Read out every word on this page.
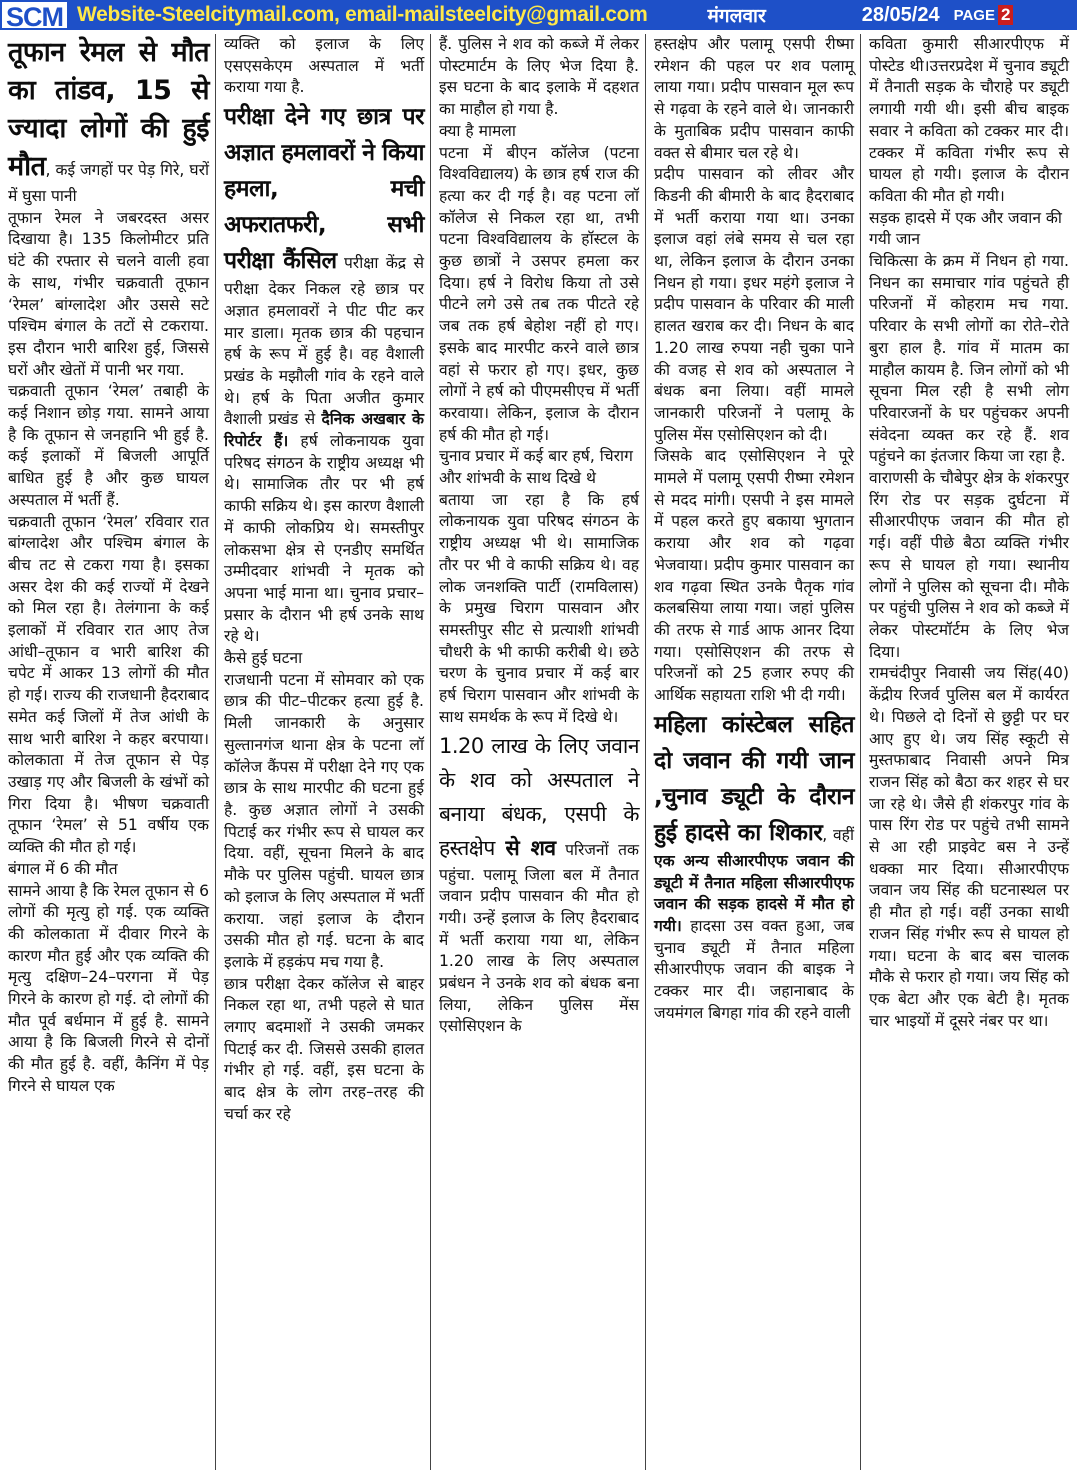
SCM Website-Steelcitymail.com, email-mailsteelcity@gmail.com	मंगलवार	28/05/24 PAGE 2

तूफान रेमल से मौत का तांडव, 15 से ज्यादा लोगों की हुई मौत, कई जगहों पर पेड़ गिरे, घरों में घुसा पानी

तूफान रेमल ने जबरदस्त असर दिखाया है। 135 किलोमीटर प्रति घंटे की रफ्तार से चलने वाली हवा के साथ, गंभीर चक्रवाती तूफान ‘रेमल’ बांग्लादेश और उससे सटे पश्चिम बंगाल के तटों से टकराया. इस दौरान भारी बारिश हुई, जिससे घरों और खेतों में पानी भर गया.

चक्रवाती तूफान ‘रेमल’ तबाही के कई निशान छोड़ गया. सामने आया है कि तूफान से जनहानि भी हुई है. कई इलाकों में बिजली आपूर्ति बाधित हुई है और कुछ घायल अस्पताल में भर्ती हैं.

चक्रवाती तूफान ‘रेमल’ रविवार रात बांग्लादेश और पश्चिम बंगाल के बीच तट से टकरा गया है। इसका असर देश की कई राज्यों में देखने को मिल रहा है। तेलंगाना के कई इलाकों में रविवार रात आए तेज आंधी–तूफान व भारी बारिश की चपेट में आकर 13 लोगों की मौत हो गई। राज्य की राजधानी हैदराबाद समेत कई जिलों में तेज आंधी के साथ भारी बारिश ने कहर बरपाया। कोलकाता में तेज तूफान से पेड़ उखाड़ गए और बिजली के खंभों को गिरा दिया है। भीषण चक्रवाती तूफान ‘रेमल’ से 51 वर्षीय एक व्यक्ति की मौत हो गई।

बंगाल में 6 की मौत

सामने आया है कि रेमल तूफान से 6 लोगों की मृत्यु हो गई. एक व्यक्ति की कोलकाता में दीवार गिरने के कारण मौत हुई और एक व्यक्ति की मृत्यु दक्षिण–24–परगना में पेड़ गिरने के कारण हो गई. दो लोगों की मौत पूर्व बर्धमान में हुई है. सामने आया है कि बिजली गिरने से दोनों की मौत हुई है. वहीं, कैनिंग में पेड़ गिरने से घायल एक

व्यक्ति को इलाज के लिए एसएसकेएम अस्पताल में भर्ती कराया गया है.

परीक्षा देने गए छात्र पर अज्ञात हमलावरों ने किया हमला, मची अफरातफरी, सभी परीक्षा कैंसिल परीक्षा केंद्र से परीक्षा देकर निकल रहे छात्र पर अज्ञात हमलावरों ने पीट पीट कर मार डाला। मृतक छात्र की पहचान हर्ष के रूप में हुई है। वह वैशाली प्रखंड के मझौली गांव के रहने वाले थे। हर्ष के पिता अजीत कुमार वैशाली प्रखंड से दैनिक अखबार के रिपोर्टर हैं। हर्ष लोकनायक युवा परिषद संगठन के राष्ट्रीय अध्यक्ष भी थे। सामाजिक तौर पर भी हर्ष काफी सक्रिय थे। इस कारण वैशाली में काफी लोकप्रिय थे। समस्तीपुर लोकसभा क्षेत्र से एनडीए समर्थित उम्मीदवार शांभवी ने मृतक को अपना भाई माना था। चुनाव प्रचार–प्रसार के दौरान भी हर्ष उनके साथ रहे थे।

कैसे हुई घटना

राजधानी पटना में सोमवार को एक छात्र की पीट–पीटकर हत्या हुई है. मिली जानकारी के अनुसार सुल्तानगंज थाना क्षेत्र के पटना लॉ कॉलेज कैंपस में परीक्षा देने गए एक छात्र के साथ मारपीट की घटना हुई है. कुछ अज्ञात लोगों ने उसकी पिटाई कर गंभीर रूप से घायल कर दिया. वहीं, सूचना मिलने के बाद मौके पर पुलिस पहुंची. घायल छात्र को इलाज के लिए अस्पताल में भर्ती कराया. जहां इलाज के दौरान उसकी मौत हो गई. घटना के बाद इलाके में हड़कंप मच गया है.

छात्र परीक्षा देकर कॉलेज से बाहर निकल रहा था, तभी पहले से घात लगाए बदमाशों ने उसकी जमकर पिटाई कर दी. जिससे उसकी हालत गंभीर हो गई. वहीं, इस घटना के बाद क्षेत्र के लोग तरह–तरह की चर्चा कर रहे

हैं. पुलिस ने शव को कब्जे में लेकर पोस्टमार्टम के लिए भेज दिया है. इस घटना के बाद इलाके में दहशत का माहौल हो गया है.

क्या है मामला

पटना में बीएन कॉलेज (पटना विश्वविद्यालय) के छात्र हर्ष राज की हत्या कर दी गई है। वह पटना लॉ कॉलेज से निकल रहा था, तभी पटना विश्वविद्यालय के हॉस्टल के कुछ छात्रों ने उसपर हमला कर दिया। हर्ष ने विरोध किया तो उसे पीटने लगे उसे तब तक पीटते रहे जब तक हर्ष बेहोश नहीं हो गए। इसके बाद मारपीट करने वाले छात्र वहां से फरार हो गए। इधर, कुछ लोगों ने हर्ष को पीएमसीएच में भर्ती करवाया। लेकिन, इलाज के दौरान हर्ष की मौत हो गई।

चुनाव प्रचार में कई बार हर्ष, चिराग और शांभवी के साथ दिखे थे

बताया जा रहा है कि हर्ष लोकनायक युवा परिषद संगठन के राष्ट्रीय अध्यक्ष भी थे। सामाजिक तौर पर भी वे काफी सक्रिय थे। वह लोक जनशक्ति पार्टी (रामविलास) के प्रमुख चिराग पासवान और समस्तीपुर सीट से प्रत्याशी शांभवी चौधरी के भी काफी करीबी थे। छठे चरण के चुनाव प्रचार में कई बार हर्ष चिराग पासवान और शांभवी के साथ समर्थक के रूप में दिखे थे।

1.20 लाख के लिए जवान के शव को अस्पताल ने बनाया बंधक, एसपी के हस्तक्षेप से शव परिजनों तक पहुंचा. पलामू जिला बल में तैनात जवान प्रदीप पासवान की मौत हो गयी। उन्हें इलाज के लिए हैदराबाद में भर्ती कराया गया था, लेकिन 1.20 लाख के लिए अस्पताल प्रबंधन ने उनके शव को बंधक बना लिया, लेकिन पुलिस मेंस एसोसिएशन के

हस्तक्षेप और पलामू एसपी रीष्मा रमेशन की पहल पर शव पलामू लाया गया। प्रदीप पासवान मूल रूप से गढ़वा के रहने वाले थे। जानकारी के मुताबिक प्रदीप पासवान काफी वक्त से बीमार चल रहे थे।

प्रदीप पासवान को लीवर और किडनी की बीमारी के बाद हैदराबाद में भर्ती कराया गया था। उनका इलाज वहां लंबे समय से चल रहा था, लेकिन इलाज के दौरान उनका निधन हो गया। इधर महंगे इलाज ने प्रदीप पासवान के परिवार की माली हालत खराब कर दी। निधन के बाद 1.20 लाख रुपया नही चुका पाने की वजह से शव को अस्पताल ने बंधक बना लिया। वहीं मामले जानकारी परिजनों ने पलामू के पुलिस मेंस एसोसिएशन को दी।

जिसके बाद एसोसिएशन ने पूरे मामले में पलामू एसपी रीष्मा रमेशन से मदद मांगी। एसपी ने इस मामले में पहल करते हुए बकाया भुगतान कराया और शव को गढ़वा भेजवाया। प्रदीप कुमार पासवान का शव गढ़वा स्थित उनके पैतृक गांव कलबसिया लाया गया। जहां पुलिस की तरफ से गार्ड आफ आनर दिया गया। एसोसिएशन की तरफ से परिजनों को 25 हजार रुपए की आर्थिक सहायता राशि भी दी गयी।

महिला कांस्टेबल सहित दो जवान की गयी जान ,चुनाव ड्यूटी के दौरान हुई हादसे का शिकार, वहीं एक अन्य सीआरपीएफ जवान की ड्यूटी में तैनात महिला सीआरपीएफ जवान की सड़क हादसे में मौत हो गयी। हादसा उस वक्त हुआ, जब चुनाव ड्यूटी में तैनात महिला सीआरपीएफ जवान की बाइक ने टक्कर मार दी। जहानाबाद के जयमंगल बिगहा गांव की रहने वाली

कविता कुमारी सीआरपीएफ में पोस्टेड थी।उत्तरप्रदेश में चुनाव ड्यूटी में तैनाती सड़क के चौराहे पर ड्यूटी लगायी गयी थी। इसी बीच बाइक सवार ने कविता को टक्कर मार दी। टक्कर में कविता गंभीर रूप से घायल हो गयी। इलाज के दौरान कविता की मौत हो गयी।

सड़क हादसे में एक और जवान की गयी जान

चिकित्सा के क्रम में निधन हो गया. निधन का समाचार गांव पहुंचते ही परिजनों में कोहराम मच गया. परिवार के सभी लोगों का रोते–रोते बुरा हाल है. गांव में मातम का माहौल कायम है. जिन लोगों को भी सूचना मिल रही है सभी लोग परिवारजनों के घर पहुंचकर अपनी संवेदना व्यक्त कर रहे हैं. शव पहुंचने का इंतजार किया जा रहा है.

वाराणसी के चौबेपुर क्षेत्र के शंकरपुर रिंग रोड पर सड़क दुर्घटना में सीआरपीएफ जवान की मौत हो गई। वहीं पीछे बैठा व्यक्ति गंभीर रूप से घायल हो गया। स्थानीय लोगों ने पुलिस को सूचना दी। मौके पर पहुंची पुलिस ने शव को कब्जे में लेकर पोस्टमॉर्टम के लिए भेज दिया।

रामचंदीपुर निवासी जय सिंह(40) केंद्रीय रिजर्व पुलिस बल में कार्यरत थे। पिछले दो दिनों से छुट्टी पर घर आए हुए थे। जय सिंह स्कूटी से मुस्तफाबाद निवासी अपने मित्र राजन सिंह को बैठा कर शहर से घर जा रहे थे। जैसे ही शंकरपुर गांव के पास रिंग रोड पर पहुंचे तभी सामने से आ रही प्राइवेट बस ने उन्हें धक्का मार दिया। सीआरपीएफ जवान जय सिंह की घटनास्थल पर ही मौत हो गई। वहीं उनका साथी राजन सिंह गंभीर रूप से घायल हो गया। घटना के बाद बस चालक मौके से फरार हो गया। जय सिंह को एक बेटा और एक बेटी है। मृतक चार भाइयों में दूसरे नंबर पर था।
